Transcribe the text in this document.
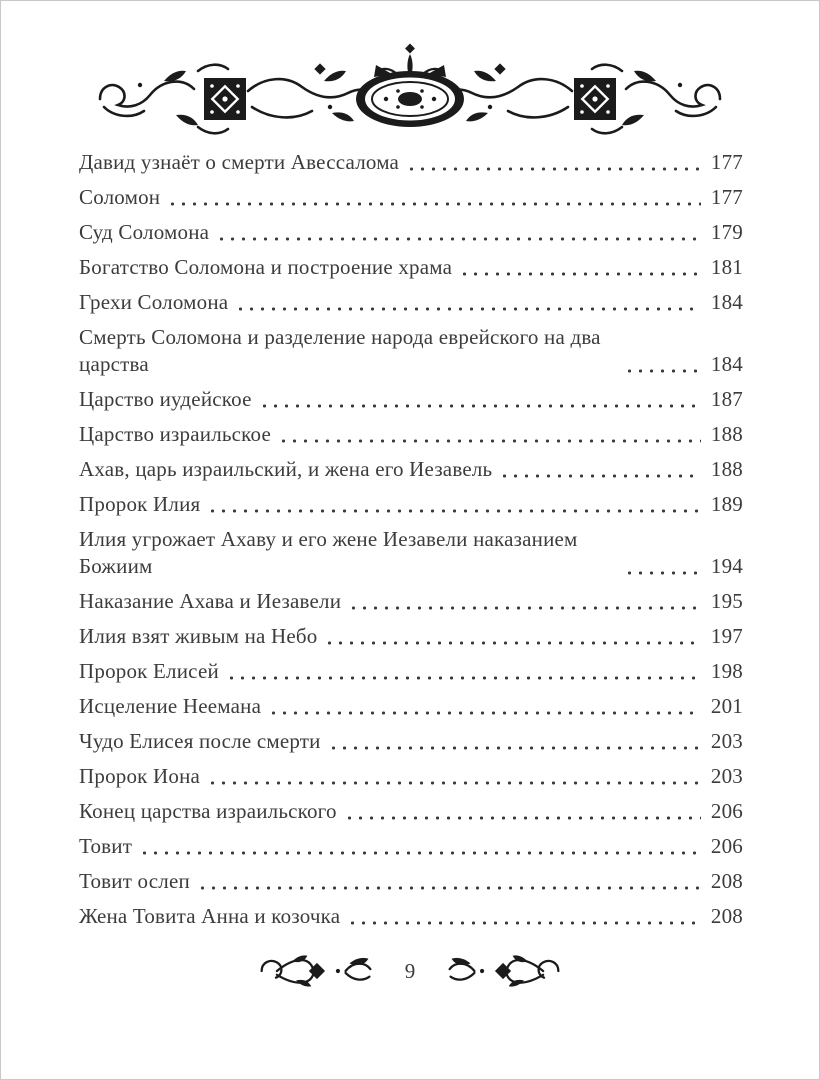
Давид узнаёт о смерти Авессалома	177
Соломон	177
Суд Соломона	179
Богатство Соломона и построение храма	181
Грехи Соломона	184
Смерть Соломона и разделение народа еврейского на два царства	184
Царство иудейское	187
Царство израильское	188
Ахав, царь израильский, и жена его Иезавель	188
Пророк Илия	189
Илия угрожает Ахаву и его жене Иезавели наказанием Божиим	194
Наказание Ахава и Иезавели	195
Илия взят живым на Небо	197
Пророк Елисей	198
Исцеление Неемана	201
Чудо Елисея после смерти	203
Пророк Иона	203
Конец царства израильского	206
Товит	206
Товит ослеп	208
Жена Товита Анна и козочка	208
9
